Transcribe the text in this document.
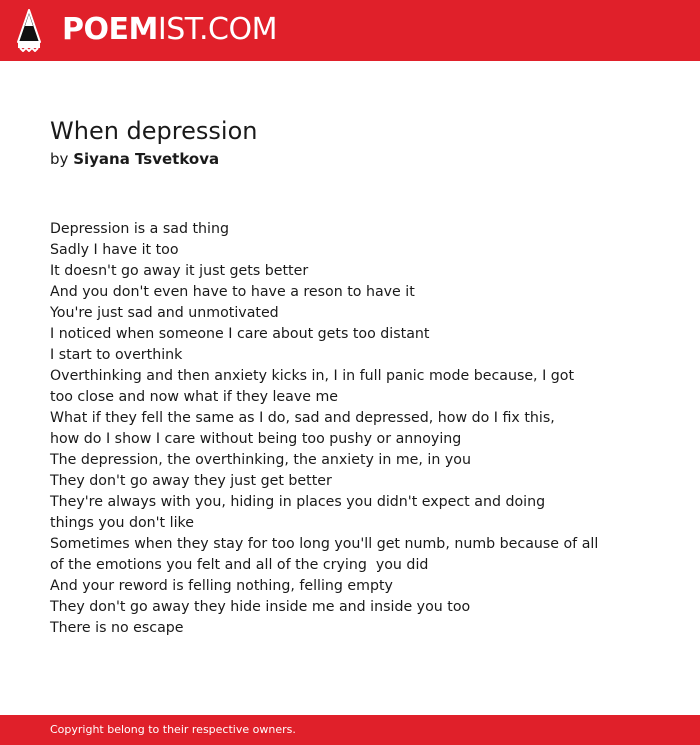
POEMIST.COM
When depression
by Siyana Tsvetkova
Depression is a sad thing
Sadly I have it too
It doesn't go away it just gets better
And you don't even have to have a reson to have it
You're just sad and unmotivated
I noticed when someone I care about gets too distant
I start to overthink
Overthinking and then anxiety kicks in, I in full panic mode because, I got
too close and now what if they leave me
What if they fell the same as I do, sad and depressed, how do I fix this,
how do I show I care without being too pushy or annoying
The depression, the overthinking, the anxiety in me, in you
They don't go away they just get better
They're always with you, hiding in places you didn't expect and doing
things you don't like
Sometimes when they stay for too long you'll get numb, numb because of all
of the emotions you felt and all of the crying  you did
And your reword is felling nothing, felling empty
They don't go away they hide inside me and inside you too
There is no escape
Copyright belong to their respective owners.
